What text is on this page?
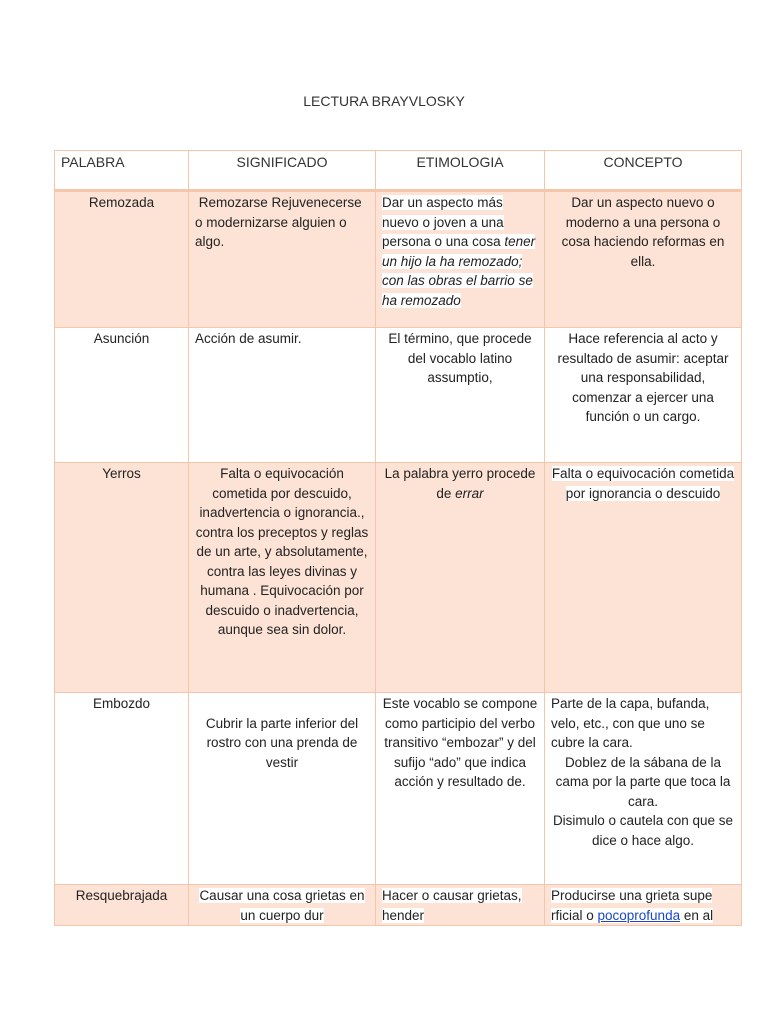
LECTURA BRAYVLOSKY
PALABRA	SIGNIFICADO	ETIMOLOGIA	CONCEPTO
Remozada	Remozarse Rejuvenecerse o modernizarse alguien o algo.	Dar un aspecto más nuevo o joven a una persona o una cosa tener un hijo la ha remozado; con las obras el barrio se ha remozado	Dar un aspecto nuevo o moderno a una persona o cosa haciendo reformas en ella.
Asunción	Acción de asumir.	El término, que procede del vocablo latino assumptio,	Hace referencia al acto y resultado de asumir: aceptar una responsabilidad, comenzar a ejercer una función o un cargo.
Yerros	Falta o equivocación cometida por descuido, inadvertencia o ignorancia., contra los preceptos y reglas de un arte, y absolutamente, contra las leyes divinas y humana . Equivocación por descuido o inadvertencia, aunque sea sin dolor.	La palabra yerro procede de errar	Falta o equivocación cometida por ignorancia o descuido
Embozdo	Cubrir la parte inferior del rostro con una prenda de vestir	Este vocablo se compone como participio del verbo transitivo “embozar” y del sufijo “ado” que indica acción y resultado de.	Parte de la capa, bufanda, velo, etc., con que uno se cubre la cara.
Doblez de la sábana de la cama por la parte que toca la cara.
Disimulo o cautela con que se dice o hace algo.

Resquebrajada	Causar una cosa grietas en un cuerpo dur	Hacer o causar grietas, hender	Producirse una grieta supe rficial o pocoprofunda en al
